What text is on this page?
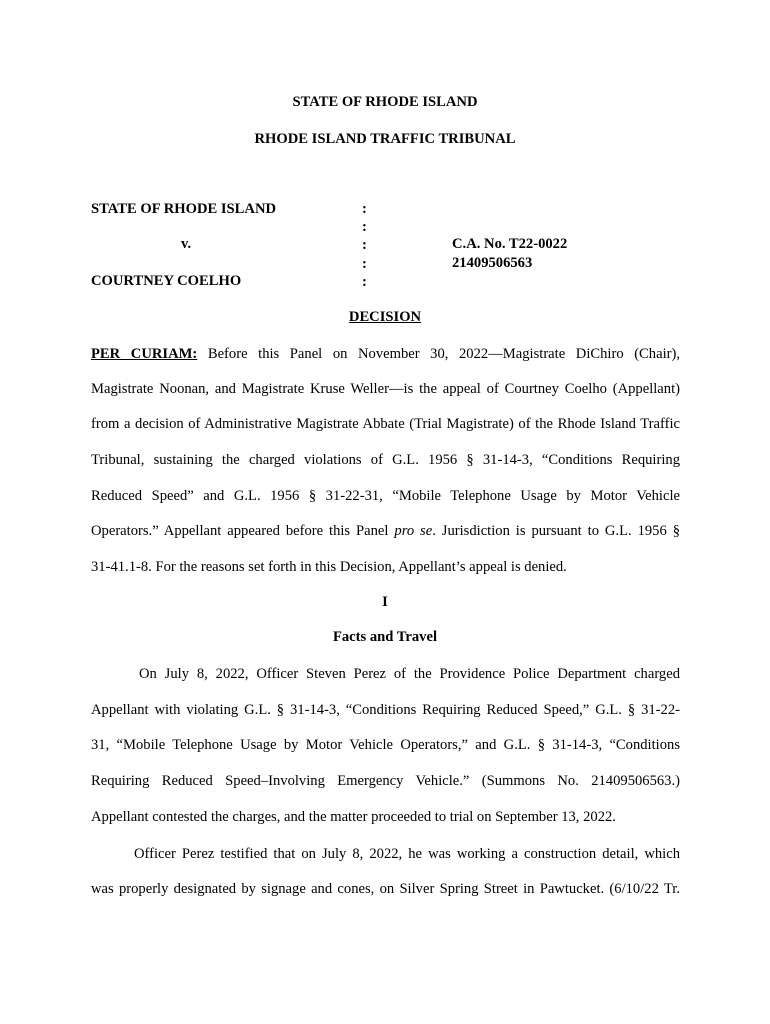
STATE OF RHODE ISLAND
RHODE ISLAND TRAFFIC TRIBUNAL
STATE OF RHODE ISLAND
v.
COURTNEY COELHO
:
:
:
:
:
C.A. No. T22-0022
21409506563
DECISION
PER CURIAM: Before this Panel on November 30, 2022—Magistrate DiChiro (Chair),
Magistrate Noonan, and Magistrate Kruse Weller—is the appeal of Courtney Coelho (Appellant)
from a decision of Administrative Magistrate Abbate (Trial Magistrate) of the Rhode Island Traffic
Tribunal, sustaining the charged violations of G.L. 1956 § 31-14-3, “Conditions Requiring
Reduced Speed” and G.L. 1956 § 31-22-31, “Mobile Telephone Usage by Motor Vehicle
Operators.” Appellant appeared before this Panel pro se. Jurisdiction is pursuant to G.L. 1956 §
31-41.1-8. For the reasons set forth in this Decision, Appellant’s appeal is denied.
I
Facts and Travel
On July 8, 2022, Officer Steven Perez of the Providence Police Department charged
Appellant with violating G.L. § 31-14-3, “Conditions Requiring Reduced Speed,” G.L. § 31-22-
31, “Mobile Telephone Usage by Motor Vehicle Operators,” and G.L. § 31-14-3, “Conditions
Requiring Reduced Speed–Involving Emergency Vehicle.” (Summons No. 21409506563.)
Appellant contested the charges, and the matter proceeded to trial on September 13, 2022.
Officer Perez testified that on July 8, 2022, he was working a construction detail, which
was properly designated by signage and cones, on Silver Spring Street in Pawtucket. (6/10/22 Tr.
